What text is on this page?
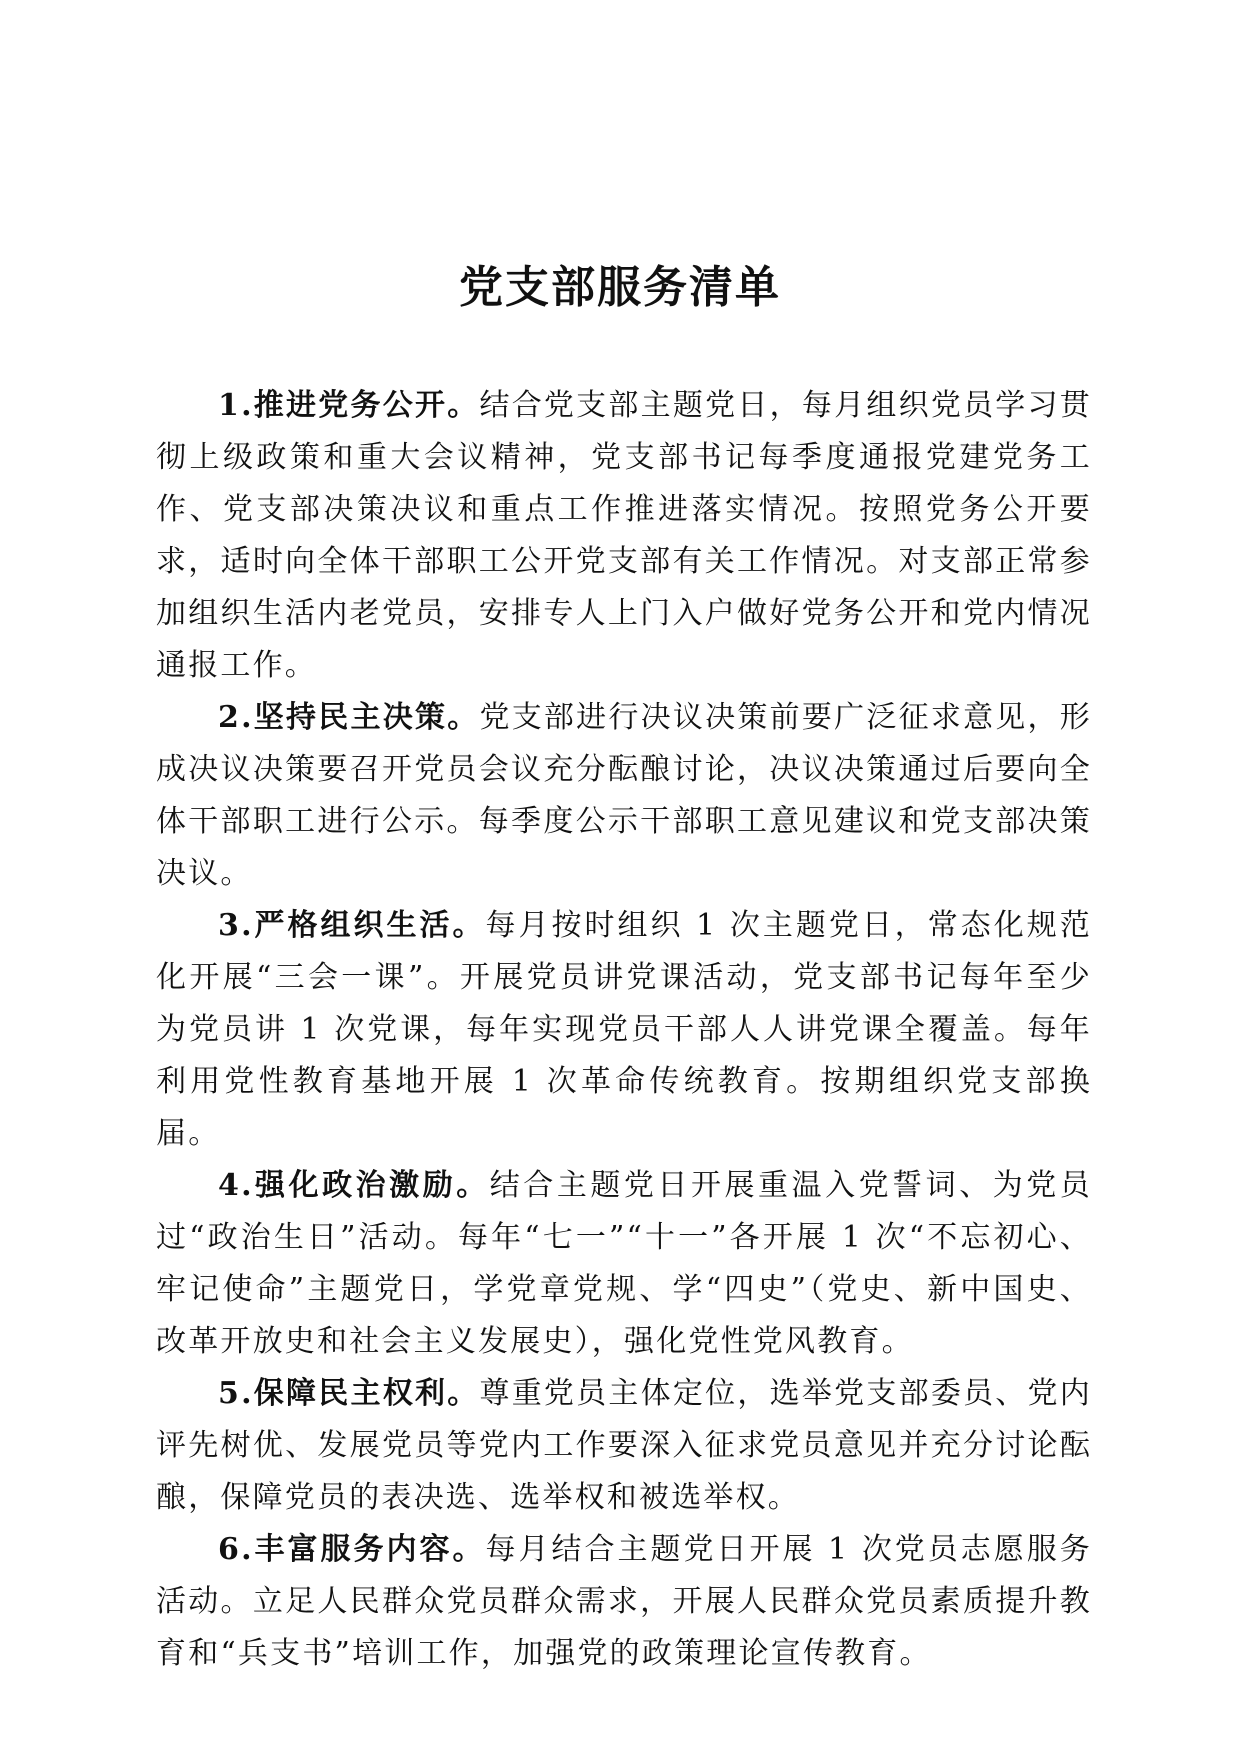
党支部服务清单

1.推进党务公开。结合党支部主题党日，每月组织党员学习贯彻上级政策和重大会议精神，党支部书记每季度通报党建党务工作、党支部决策决议和重点工作推进落实情况。按照党务公开要求，适时向全体干部职工公开党支部有关工作情况。对支部正常参加组织生活内老党员，安排专人上门入户做好党务公开和党内情况通报工作。

2.坚持民主决策。党支部进行决议决策前要广泛征求意见，形成决议决策要召开党员会议充分酝酿讨论，决议决策通过后要向全体干部职工进行公示。每季度公示干部职工意见建议和党支部决策决议。

3.严格组织生活。每月按时组织 1 次主题党日，常态化规范化开展“三会一课”。开展党员讲党课活动，党支部书记每年至少为党员讲 1 次党课，每年实现党员干部人人讲党课全覆盖。每年利用党性教育基地开展 1 次革命传统教育。按期组织党支部换届。

4.强化政治激励。结合主题党日开展重温入党誓词、为党员过“政治生日”活动。每年“七一”“十一”各开展 1 次“不忘初心、牢记使命”主题党日，学党章党规、学“四史”（党史、新中国史、改革开放史和社会主义发展史），强化党性党风教育。

5.保障民主权利。尊重党员主体定位，选举党支部委员、党内评先树优、发展党员等党内工作要深入征求党员意见并充分讨论酝酿，保障党员的表决选、选举权和被选举权。

6.丰富服务内容。每月结合主题党日开展 1 次党员志愿服务活动。立足人民群众党员群众需求，开展人民群众党员素质提升教育和“兵支书”培训工作，加强党的政策理论宣传教育。
